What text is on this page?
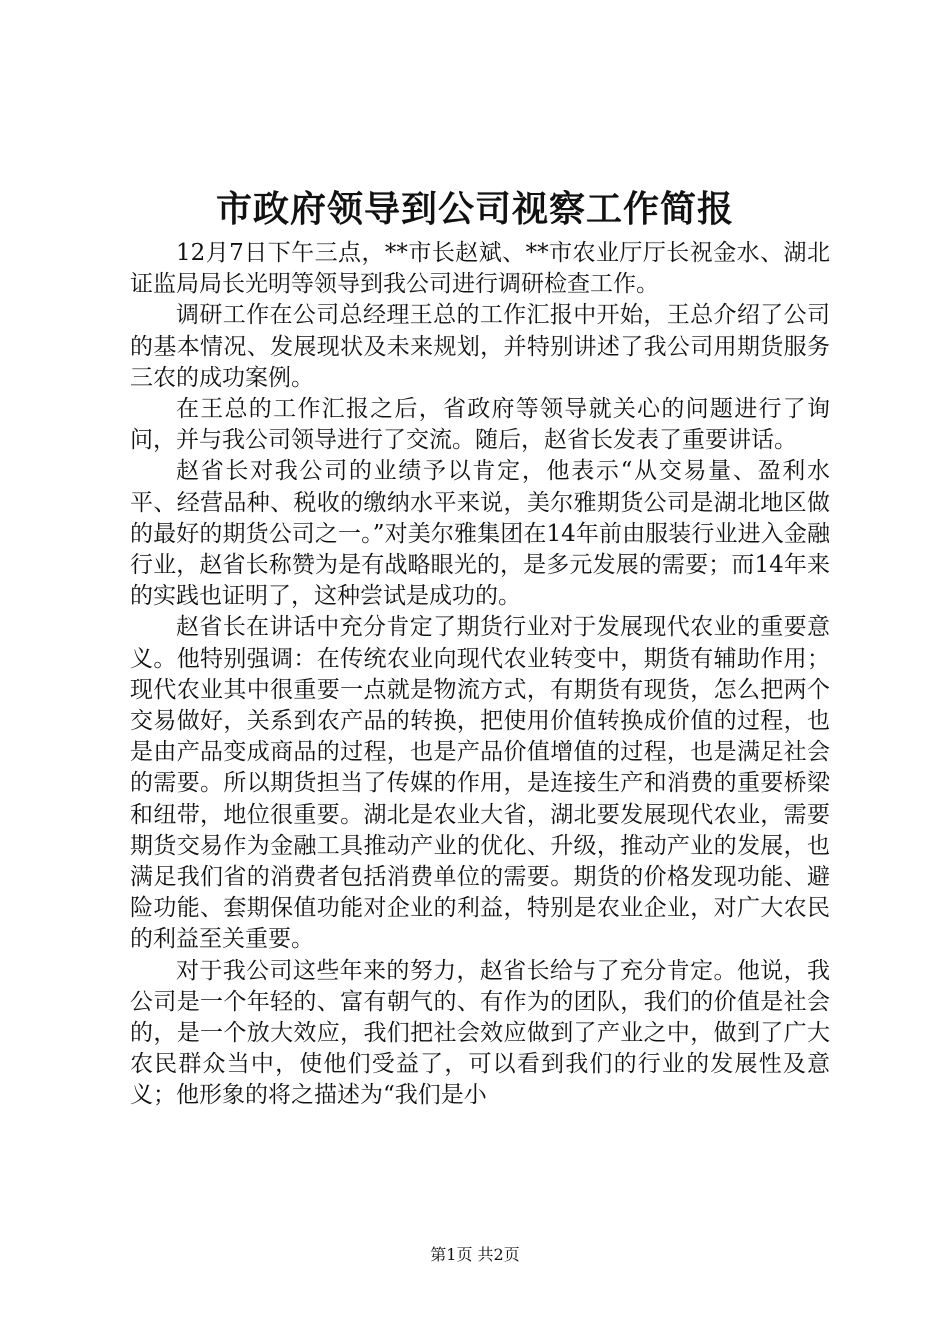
市政府领导到公司视察工作简报

12月7日下午三点，**市长赵斌、**市农业厅厅长祝金水、湖北证监局局长光明等领导到我公司进行调研检查工作。

调研工作在公司总经理王总的工作汇报中开始，王总介绍了公司的基本情况、发展现状及未来规划，并特别讲述了我公司用期货服务三农的成功案例。

在王总的工作汇报之后，省政府等领导就关心的问题进行了询问，并与我公司领导进行了交流。随后，赵省长发表了重要讲话。

赵省长对我公司的业绩予以肯定，他表示“从交易量、盈利水平、经营品种、税收的缴纳水平来说，美尔雅期货公司是湖北地区做的最好的期货公司之一。”对美尔雅集团在14年前由服装行业进入金融行业，赵省长称赞为是有战略眼光的，是多元发展的需要；而14年来的实践也证明了，这种尝试是成功的。

赵省长在讲话中充分肯定了期货行业对于发展现代农业的重要意义。他特别强调：在传统农业向现代农业转变中，期货有辅助作用；现代农业其中很重要一点就是物流方式，有期货有现货，怎么把两个交易做好，关系到农产品的转换，把使用价值转换成价值的过程，也是由产品变成商品的过程，也是产品价值增值的过程，也是满足社会的需要。所以期货担当了传媒的作用，是连接生产和消费的重要桥梁和纽带，地位很重要。湖北是农业大省，湖北要发展现代农业，需要期货交易作为金融工具推动产业的优化、升级，推动产业的发展，也满足我们省的消费者包括消费单位的需要。期货的价格发现功能、避险功能、套期保值功能对企业的利益，特别是农业企业，对广大农民的利益至关重要。

对于我公司这些年来的努力，赵省长给与了充分肯定。他说，我公司是一个年轻的、富有朝气的、有作为的团队，我们的价值是社会的，是一个放大效应，我们把社会效应做到了产业之中，做到了广大农民群众当中，使他们受益了，可以看到我们的行业的发展性及意义；他形象的将之描述为“我们是小

第1页 共2页
